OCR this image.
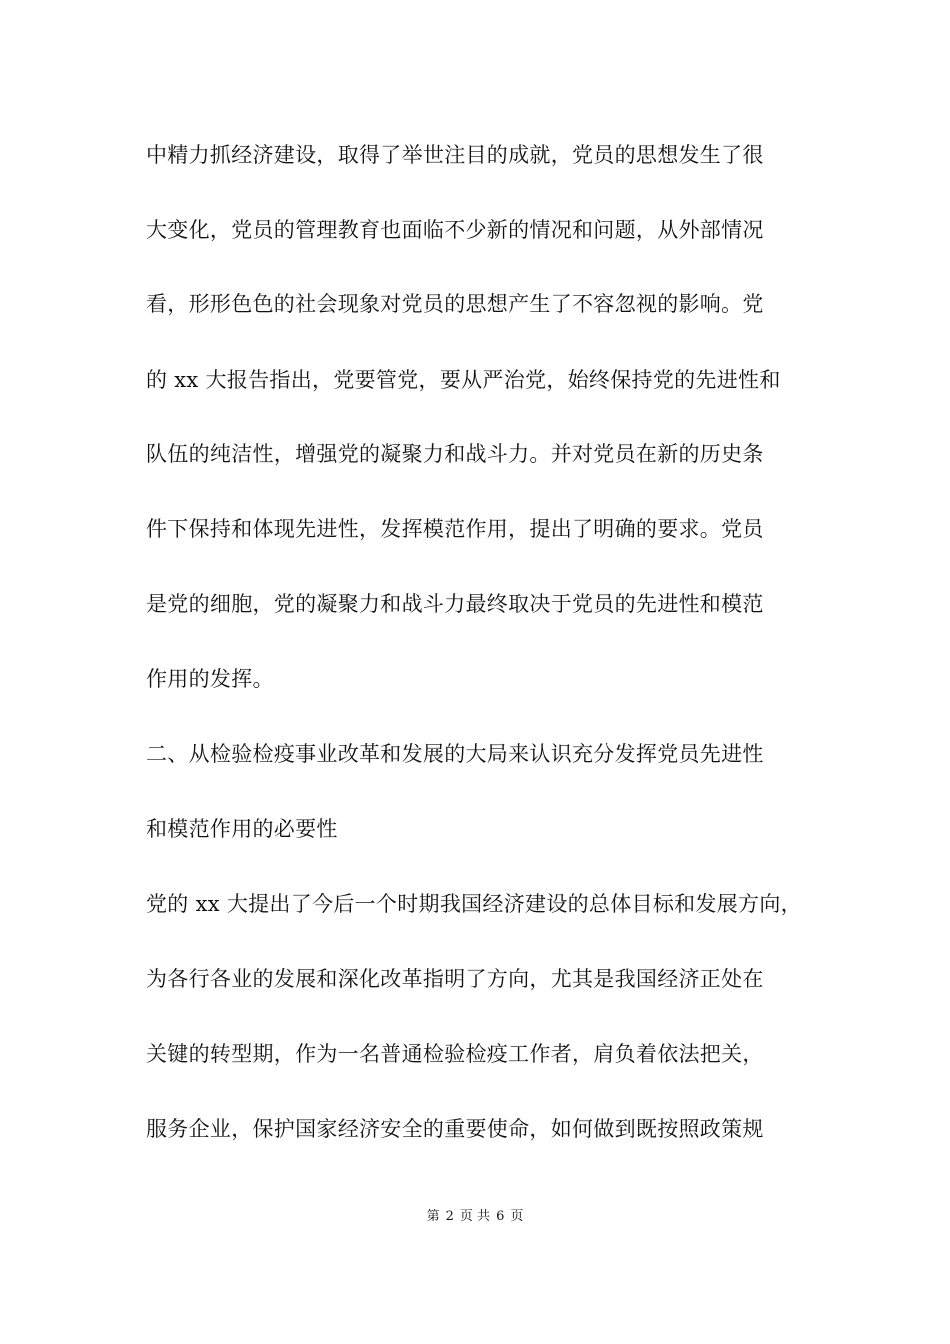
中精力抓经济建设，取得了举世注目的成就，党员的思想发生了很
大变化，党员的管理教育也面临不少新的情况和问题，从外部情况
看，形形色色的社会现象对党员的思想产生了不容忽视的影响。党
的 xx 大报告指出，党要管党，要从严治党，始终保持党的先进性和
队伍的纯洁性，增强党的凝聚力和战斗力。并对党员在新的历史条
件下保持和体现先进性，发挥模范作用，提出了明确的要求。党员
是党的细胞，党的凝聚力和战斗力最终取决于党员的先进性和模范
作用的发挥。
二、从检验检疫事业改革和发展的大局来认识充分发挥党员先进性
和模范作用的必要性
党的 xx 大提出了今后一个时期我国经济建设的总体目标和发展方向，
为各行各业的发展和深化改革指明了方向，尤其是我国经济正处在
关键的转型期，作为一名普通检验检疫工作者，肩负着依法把关，
服务企业，保护国家经济安全的重要使命，如何做到既按照政策规
第 2 页 共 6 页
